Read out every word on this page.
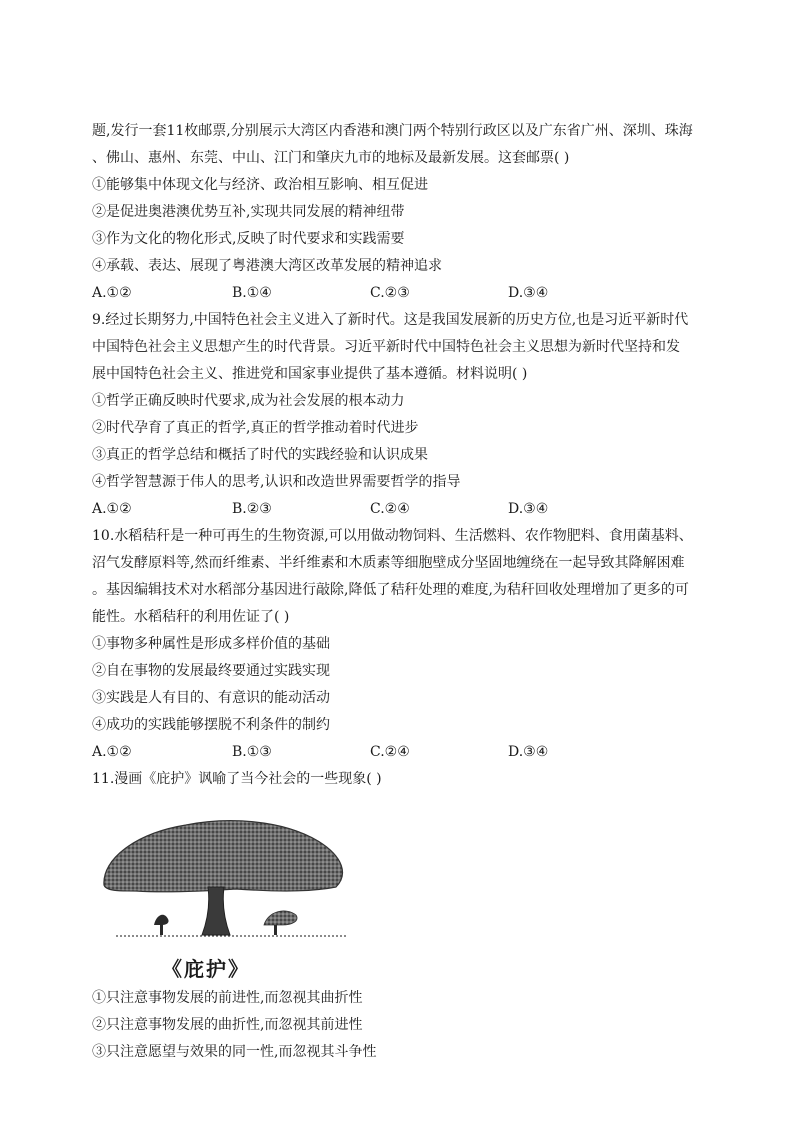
题,发行一套11枚邮票,分别展示大湾区内香港和澳门两个特别行政区以及广东省广州、深圳、珠海
、佛山、惠州、东莞、中山、江门和肇庆九市的地标及最新发展。这套邮票( )
①能够集中体现文化与经济、政治相互影响、相互促进
②是促进奥港澳优势互补,实现共同发展的精神纽带
③作为文化的物化形式,反映了时代要求和实践需要
④承载、表达、展现了粤港澳大湾区改革发展的精神追求
A.①②	B.①④	C.②③	D.③④
9.经过长期努力,中国特色社会主义进入了新时代。这是我国发展新的历史方位,也是习近平新时代
中国特色社会主义思想产生的时代背景。习近平新时代中国特色社会主义思想为新时代坚持和发
展中国特色社会主义、推进党和国家事业提供了基本遵循。材料说明( )
①哲学正确反映时代要求,成为社会发展的根本动力
②时代孕育了真正的哲学,真正的哲学推动着时代进步
③真正的哲学总结和概括了时代的实践经验和认识成果
④哲学智慧源于伟人的思考,认识和改造世界需要哲学的指导
A.①②	B.②③	C.②④	D.③④
10.水稻秸秆是一种可再生的生物资源,可以用做动物饲料、生活燃料、农作物肥料、食用菌基料、
沼气发酵原料等,然而纤维素、半纤维素和木质素等细胞壁成分坚固地缠绕在一起导致其降解困难
。基因编辑技术对水稻部分基因进行敲除,降低了秸秆处理的难度,为秸秆回收处理增加了更多的可
能性。水稻秸秆的利用佐证了( )
①事物多种属性是形成多样价值的基础
②自在事物的发展最终要通过实践实现
③实践是人有目的、有意识的能动活动
④成功的实践能够摆脱不利条件的制约
A.①②	B.①③	C.②④	D.③④
11.漫画《庇护》讽喻了当今社会的一些现象( )
《庇护》
①只注意事物发展的前进性,而忽视其曲折性
②只注意事物发展的曲折性,而忽视其前进性
③只注意愿望与效果的同一性,而忽视其斗争性
